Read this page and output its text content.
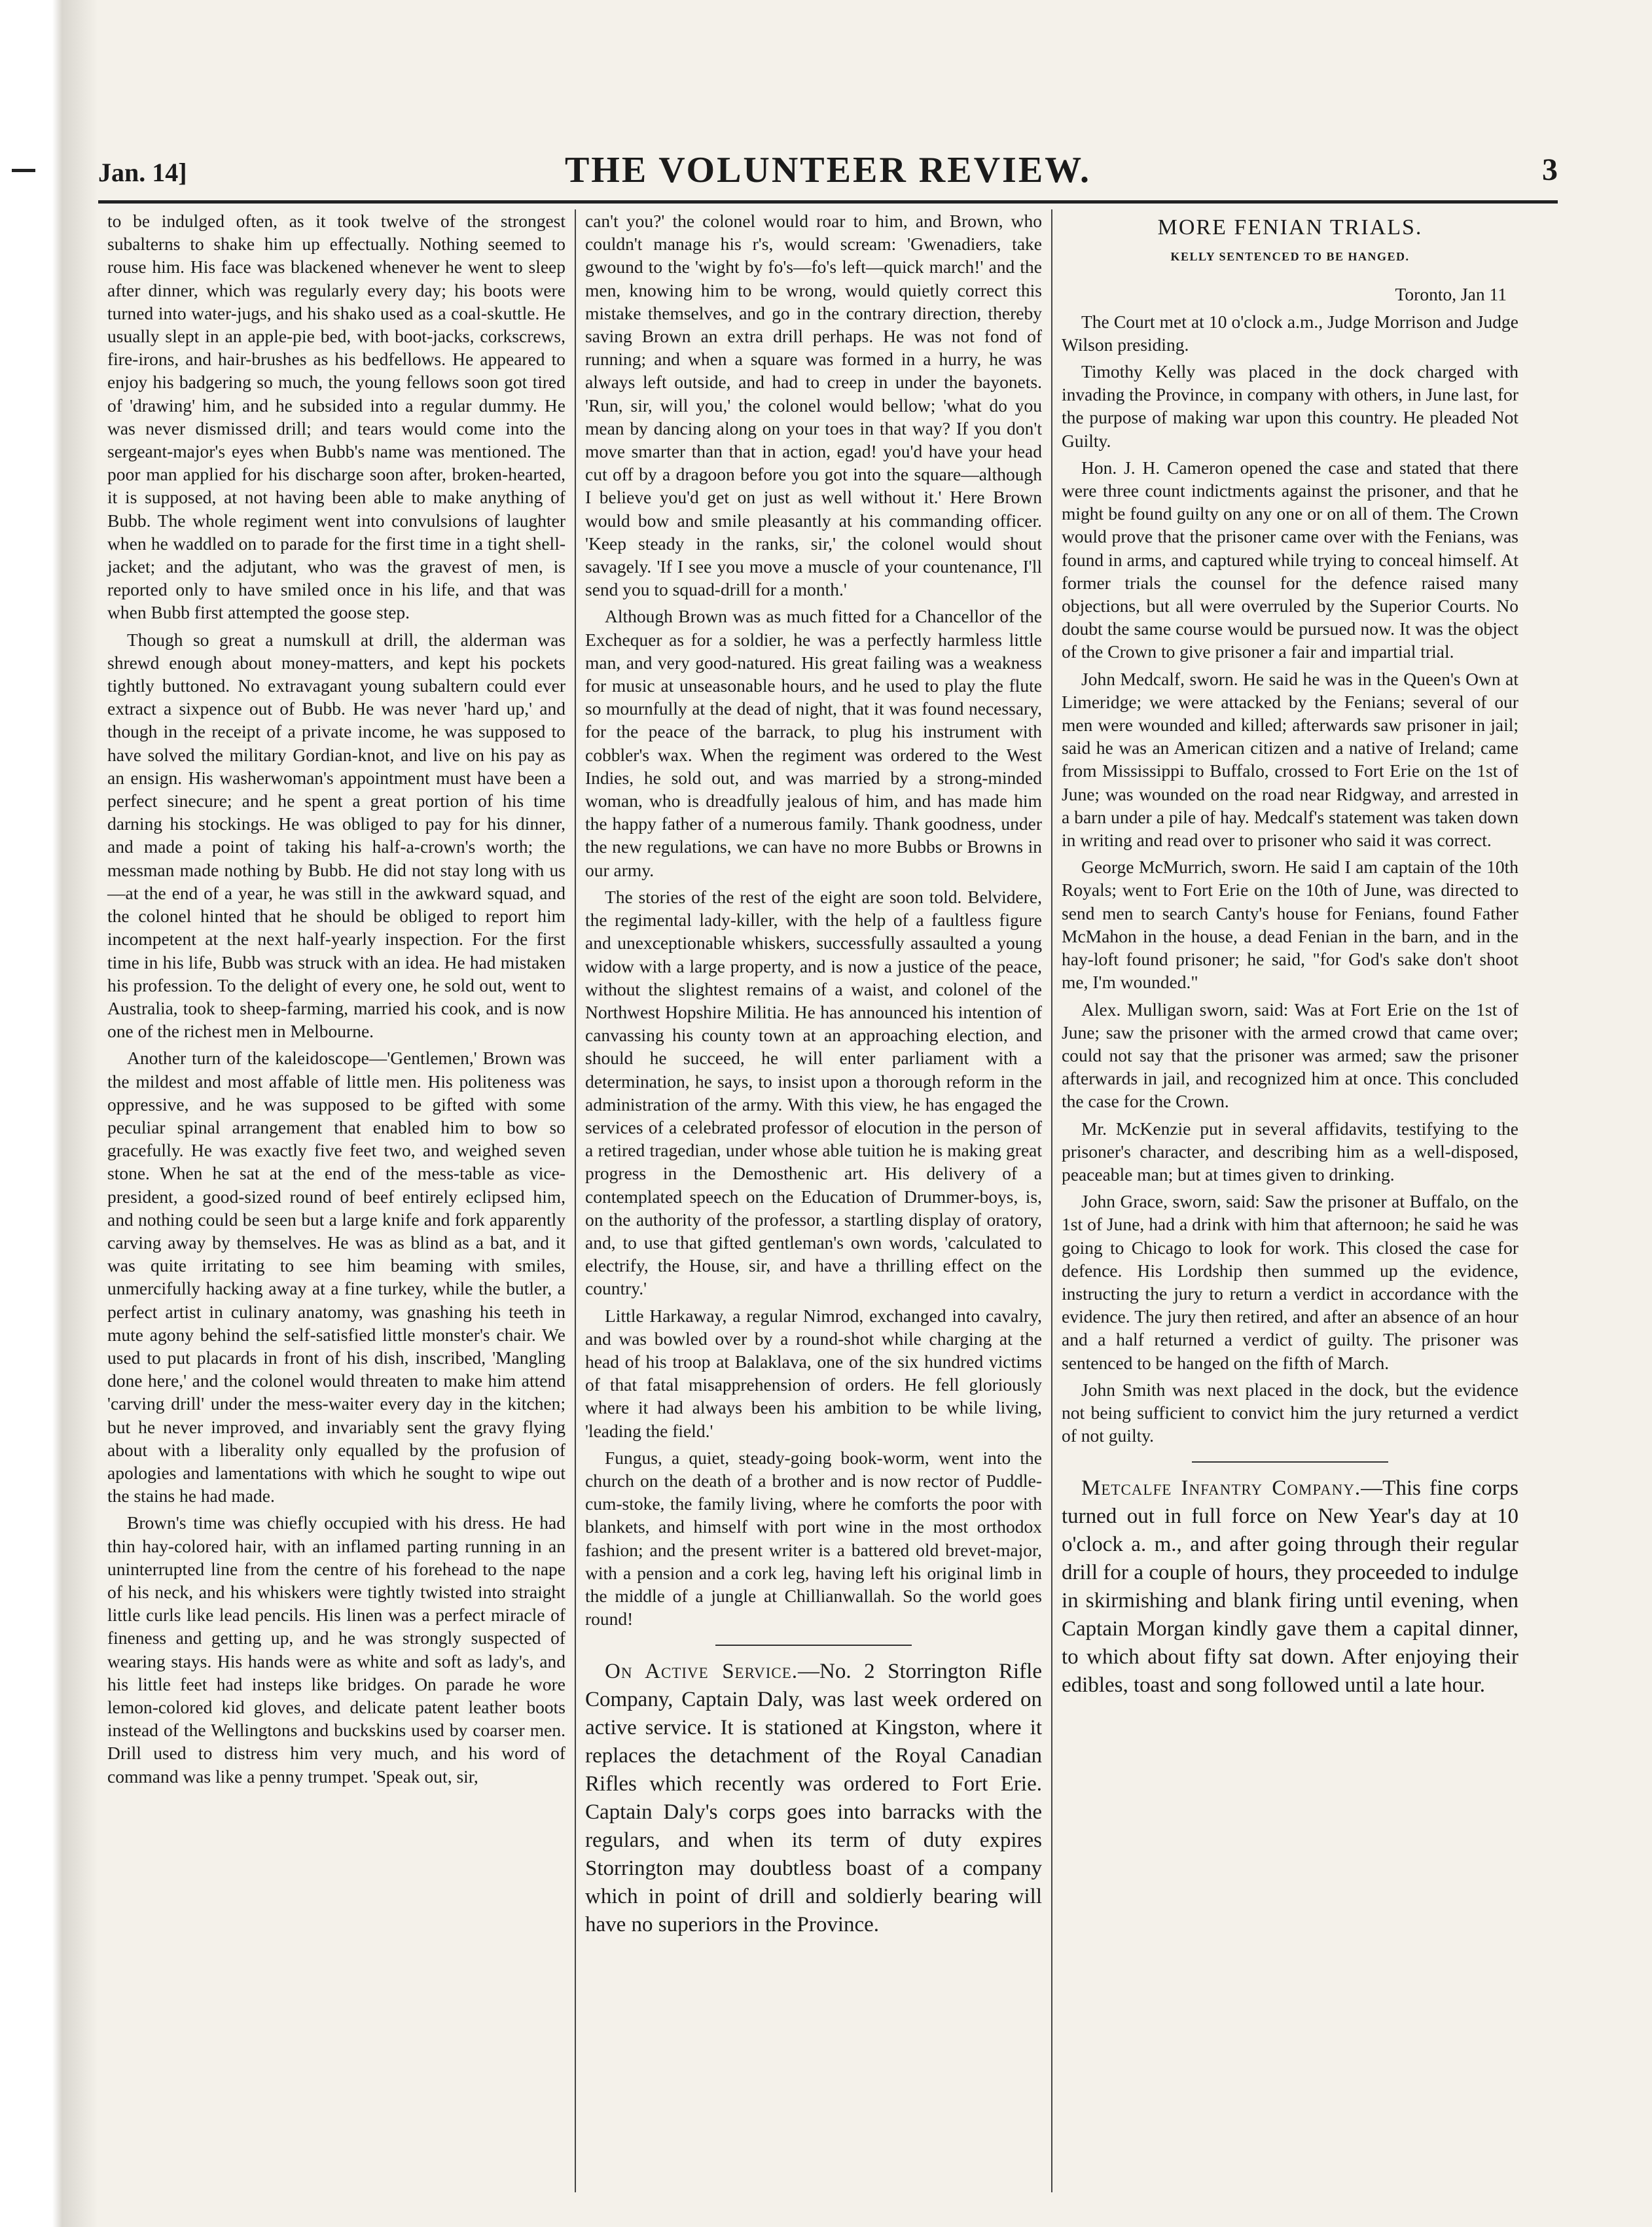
Jan. 14]	THE VOLUNTEER REVIEW.	3

to be indulged often, as it took twelve of the strongest subalterns to shake him up effectually. Nothing seemed to rouse him. His face was blackened whenever he went to sleep after dinner, which was regularly every day; his boots were turned into water-jugs, and his shako used as a coal-skuttle. He usually slept in an apple-pie bed, with boot-jacks, corkscrews, fire-irons, and hair-brushes as his bedfellows. He appeared to enjoy his badgering so much, the young fellows soon got tired of 'drawing' him, and he subsided into a regular dummy. He was never dismissed drill; and tears would come into the sergeant-major's eyes when Bubb's name was mentioned. The poor man applied for his discharge soon after, broken-hearted, it is supposed, at not having been able to make anything of Bubb. The whole regiment went into convulsions of laughter when he waddled on to parade for the first time in a tight shell-jacket; and the adjutant, who was the gravest of men, is reported only to have smiled once in his life, and that was when Bubb first attempted the goose step.

Though so great a numskull at drill, the alderman was shrewd enough about money-matters, and kept his pockets tightly buttoned. No extravagant young subaltern could ever extract a sixpence out of Bubb. He was never 'hard up,' and though in the receipt of a private income, he was supposed to have solved the military Gordian-knot, and live on his pay as an ensign. His washerwoman's appointment must have been a perfect sinecure; and he spent a great portion of his time darning his stockings. He was obliged to pay for his dinner, and made a point of taking his half-a-crown's worth; the messman made nothing by Bubb. He did not stay long with us—at the end of a year, he was still in the awkward squad, and the colonel hinted that he should be obliged to report him incompetent at the next half-yearly inspection. For the first time in his life, Bubb was struck with an idea. He had mistaken his profession. To the delight of every one, he sold out, went to Australia, took to sheep-farming, married his cook, and is now one of the richest men in Melbourne.

Another turn of the kaleidoscope—'Gentlemen,' Brown was the mildest and most affable of little men. His politeness was oppressive, and he was supposed to be gifted with some peculiar spinal arrangement that enabled him to bow so gracefully. He was exactly five feet two, and weighed seven stone. When he sat at the end of the mess-table as vice-president, a good-sized round of beef entirely eclipsed him, and nothing could be seen but a large knife and fork apparently carving away by themselves. He was as blind as a bat, and it was quite irritating to see him beaming with smiles, unmercifully hacking away at a fine turkey, while the butler, a perfect artist in culinary anatomy, was gnashing his teeth in mute agony behind the self-satisfied little monster's chair. We used to put placards in front of his dish, inscribed, 'Mangling done here,' and the colonel would threaten to make him attend 'carving drill' under the mess-waiter every day in the kitchen; but he never improved, and invariably sent the gravy flying about with a liberality only equalled by the profusion of apologies and lamentations with which he sought to wipe out the stains he had made.

Brown's time was chiefly occupied with his dress. He had thin hay-colored hair, with an inflamed parting running in an uninterrupted line from the centre of his forehead to the nape of his neck, and his whiskers were tightly twisted into straight little curls like lead pencils. His linen was a perfect miracle of fineness and getting up, and he was strongly suspected of wearing stays. His hands were as white and soft as lady's, and his little feet had insteps like bridges. On parade he wore lemon-colored kid gloves, and delicate patent leather boots instead of the Wellingtons and buckskins used by coarser men. Drill used to distress him very much, and his word of command was like a penny trumpet. 'Speak out, sir,

can't you?' the colonel would roar to him, and Brown, who couldn't manage his r's, would scream: 'Gwenadiers, take gwound to the 'wight by fo's—fo's left—quick march!' and the men, knowing him to be wrong, would quietly correct this mistake themselves, and go in the contrary direction, thereby saving Brown an extra drill perhaps. He was not fond of running; and when a square was formed in a hurry, he was always left outside, and had to creep in under the bayonets. 'Run, sir, will you,' the colonel would bellow; 'what do you mean by dancing along on your toes in that way? If you don't move smarter than that in action, egad! you'd have your head cut off by a dragoon before you got into the square—although I believe you'd get on just as well without it.' Here Brown would bow and smile pleasantly at his commanding officer. 'Keep steady in the ranks, sir,' the colonel would shout savagely. 'If I see you move a muscle of your countenance, I'll send you to squad-drill for a month.'

Although Brown was as much fitted for a Chancellor of the Exchequer as for a soldier, he was a perfectly harmless little man, and very good-natured. His great failing was a weakness for music at unseasonable hours, and he used to play the flute so mournfully at the dead of night, that it was found necessary, for the peace of the barrack, to plug his instrument with cobbler's wax. When the regiment was ordered to the West Indies, he sold out, and was married by a strong-minded woman, who is dreadfully jealous of him, and has made him the happy father of a numerous family. Thank goodness, under the new regulations, we can have no more Bubbs or Browns in our army.

The stories of the rest of the eight are soon told. Belvidere, the regimental lady-killer, with the help of a faultless figure and unexceptionable whiskers, successfully assaulted a young widow with a large property, and is now a justice of the peace, without the slightest remains of a waist, and colonel of the Northwest Hopshire Militia. He has announced his intention of canvassing his county town at an approaching election, and should he succeed, he will enter parliament with a determination, he says, to insist upon a thorough reform in the administration of the army. With this view, he has engaged the services of a celebrated professor of elocution in the person of a retired tragedian, under whose able tuition he is making great progress in the Demosthenic art. His delivery of a contemplated speech on the Education of Drummer-boys, is, on the authority of the professor, a startling display of oratory, and, to use that gifted gentleman's own words, 'calculated to electrify, the House, sir, and have a thrilling effect on the country.'

Little Harkaway, a regular Nimrod, exchanged into cavalry, and was bowled over by a round-shot while charging at the head of his troop at Balaklava, one of the six hundred victims of that fatal misapprehension of orders. He fell gloriously where it had always been his ambition to be while living, 'leading the field.'

Fungus, a quiet, steady-going book-worm, went into the church on the death of a brother and is now rector of Puddle-cum-stoke, the family living, where he comforts the poor with blankets, and himself with port wine in the most orthodox fashion; and the present writer is a battered old brevet-major, with a pension and a cork leg, having left his original limb in the middle of a jungle at Chillianwallah. So the world goes round!

On Active Service.—No. 2 Storrington Rifle Company, Captain Daly, was last week ordered on active service. It is stationed at Kingston, where it replaces the detachment of the Royal Canadian Rifles which recently was ordered to Fort Erie. Captain Daly's corps goes into barracks with the regulars, and when its term of duty expires Storrington may doubtless boast of a company which in point of drill and soldierly bearing will have no superiors in the Province.

MORE FENIAN TRIALS.
KELLY SENTENCED TO BE HANGED.

Toronto, Jan 11

The Court met at 10 o'clock a.m., Judge Morrison and Judge Wilson presiding.

Timothy Kelly was placed in the dock charged with invading the Province, in company with others, in June last, for the purpose of making war upon this country. He pleaded Not Guilty.

Hon. J. H. Cameron opened the case and stated that there were three count indictments against the prisoner, and that he might be found guilty on any one or on all of them. The Crown would prove that the prisoner came over with the Fenians, was found in arms, and captured while trying to conceal himself. At former trials the counsel for the defence raised many objections, but all were overruled by the Superior Courts. No doubt the same course would be pursued now. It was the object of the Crown to give prisoner a fair and impartial trial.

John Medcalf, sworn. He said he was in the Queen's Own at Limeridge; we were attacked by the Fenians; several of our men were wounded and killed; afterwards saw prisoner in jail; said he was an American citizen and a native of Ireland; came from Mississippi to Buffalo, crossed to Fort Erie on the 1st of June; was wounded on the road near Ridgway, and arrested in a barn under a pile of hay. Medcalf's statement was taken down in writing and read over to prisoner who said it was correct.

George McMurrich, sworn. He said I am captain of the 10th Royals; went to Fort Erie on the 10th of June, was directed to send men to search Canty's house for Fenians, found Father McMahon in the house, a dead Fenian in the barn, and in the hay-loft found prisoner; he said, "for God's sake don't shoot me, I'm wounded."

Alex. Mulligan sworn, said: Was at Fort Erie on the 1st of June; saw the prisoner with the armed crowd that came over; could not say that the prisoner was armed; saw the prisoner afterwards in jail, and recognized him at once. This concluded the case for the Crown.

Mr. McKenzie put in several affidavits, testifying to the prisoner's character, and describing him as a well-disposed, peaceable man; but at times given to drinking.

John Grace, sworn, said: Saw the prisoner at Buffalo, on the 1st of June, had a drink with him that afternoon; he said he was going to Chicago to look for work. This closed the case for defence. His Lordship then summed up the evidence, instructing the jury to return a verdict in accordance with the evidence. The jury then retired, and after an absence of an hour and a half returned a verdict of guilty. The prisoner was sentenced to be hanged on the fifth of March.

John Smith was next placed in the dock, but the evidence not being sufficient to convict him the jury returned a verdict of not guilty.

Metcalfe Infantry Company.—This fine corps turned out in full force on New Year's day at 10 o'clock a. m., and after going through their regular drill for a couple of hours, they proceeded to indulge in skirmishing and blank firing until evening, when Captain Morgan kindly gave them a capital dinner, to which about fifty sat down. After enjoying their edibles, toast and song followed until a late hour.
